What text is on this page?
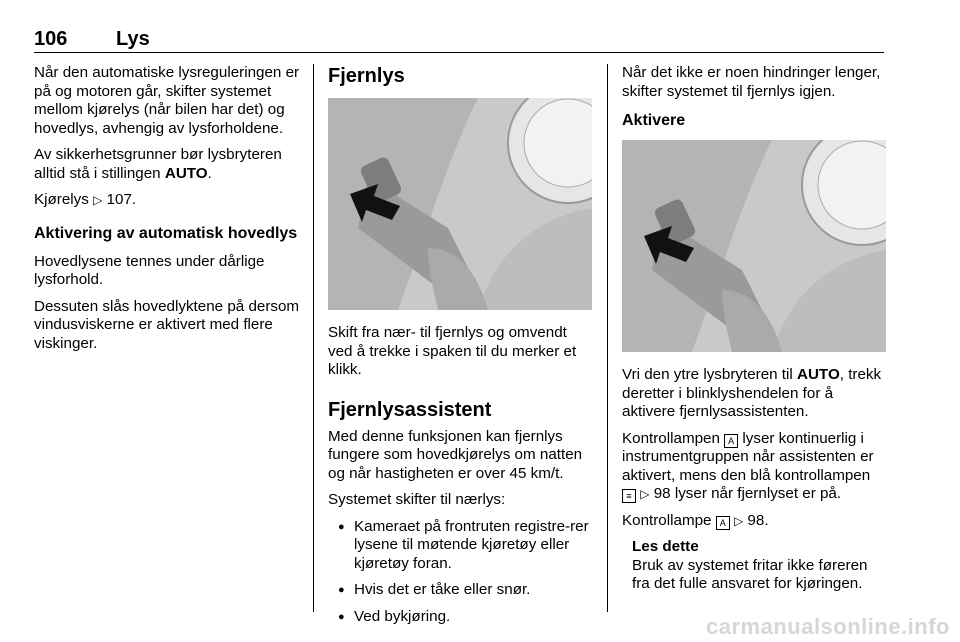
106 Lys

Når den automatiske lysreguleringen er på og motoren går, skifter systemet mellom kjørelys (når bilen har det) og hovedlys, avhengig av lysforholdene.

Av sikkerhetsgrunner bør lysbryteren alltid stå i stillingen AUTO.

Kjørelys ▷ 107.

Aktivering av automatisk hovedlys

Hovedlysene tennes under dårlige lysforhold.

Dessuten slås hovedlyktene på dersom vindusviskerne er aktivert med flere viskinger.

Fjernlys

Skift fra nær- til fjernlys og omvendt ved å trekke i spaken til du merker et klikk.

Fjernlysassistent

Med denne funksjonen kan fjernlys fungere som hovedkjørelys om natten og når hastigheten er over 45 km/t.

Systemet skifter til nærlys:

● Kameraet på frontruten registre-rer lysene til møtende kjøretøy eller kjøretøy foran.
● Hvis det er tåke eller snør.
● Ved bykjøring.

Når det ikke er noen hindringer lenger, skifter systemet til fjernlys igjen.

Aktivere

Vri den ytre lysbryteren til AUTO, trekk deretter i blinklyshendelen for å aktivere fjernlysassistenten.

Kontrollampen A lyser kontinuerlig i instrumentgruppen når assistenten er aktivert, mens den blå kontrollampen ≡ ▷ 98 lyser når fjernlyset er på.

Kontrollampe A ▷ 98.

Les dette
Bruk av systemet fritar ikke føreren fra det fulle ansvaret for kjøringen.
carmanualsonline.info
